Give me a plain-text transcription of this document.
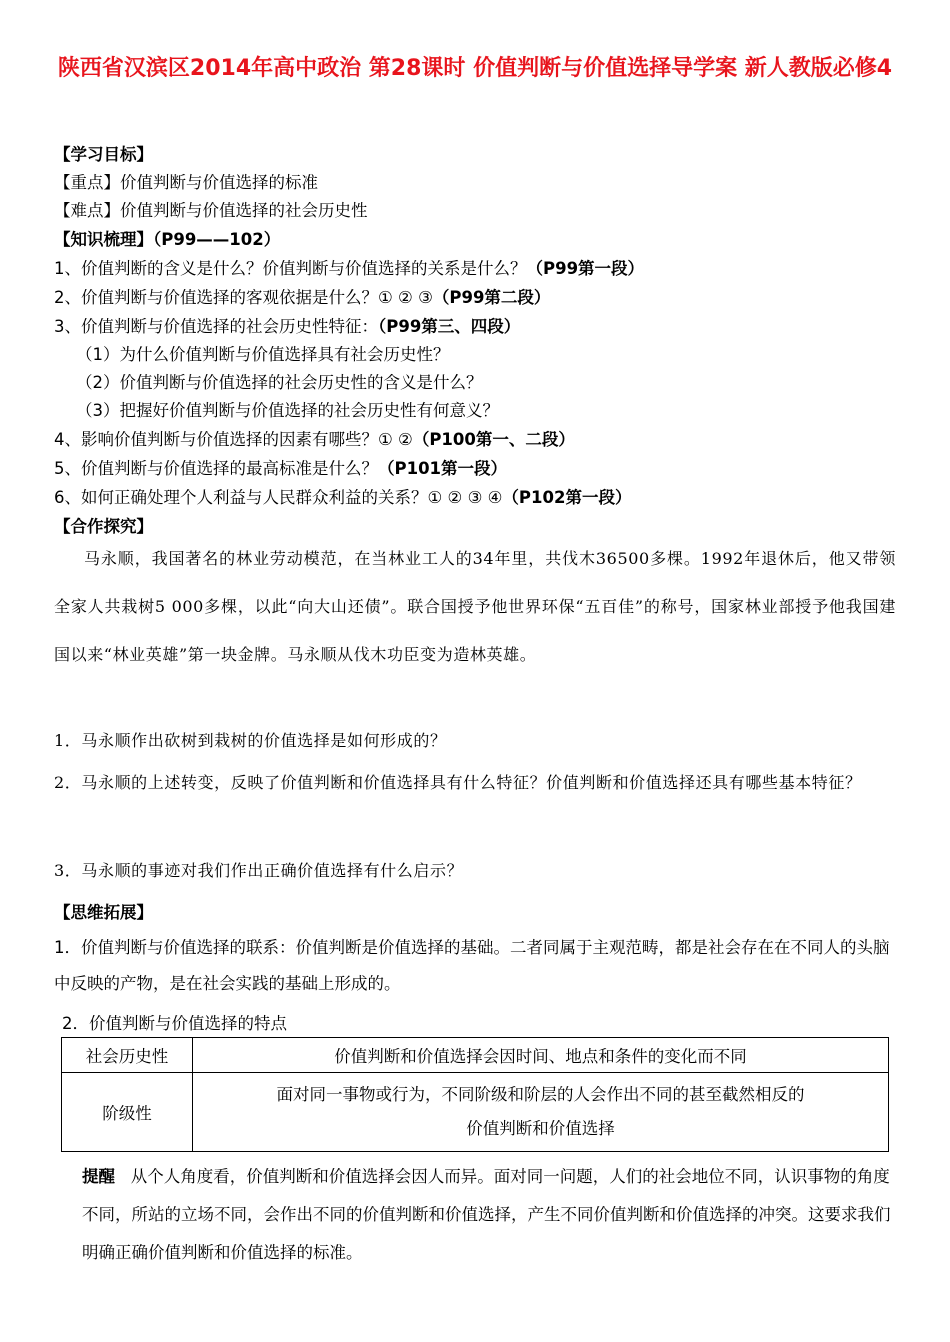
陕西省汉滨区2014年高中政治 第28课时 价值判断与价值选择导学案 新人教版必修4
【学习目标】
【重点】价值判断与价值选择的标准
【难点】价值判断与价值选择的社会历史性
【知识梳理】（P99——102）
1、价值判断的含义是什么？价值判断与价值选择的关系是什么？（P99第一段）
2、价值判断与价值选择的客观依据是什么？① ② ③（P99第二段）
3、价值判断与价值选择的社会历史性特征：（P99第三、四段）
（1）为什么价值判断与价值选择具有社会历史性？
（2）价值判断与价值选择的社会历史性的含义是什么？
（3）把握好价值判断与价值选择的社会历史性有何意义？
4、影响价值判断与价值选择的因素有哪些？① ②（P100第一、二段）
5、价值判断与价值选择的最高标准是什么？（P101第一段）
6、如何正确处理个人利益与人民群众利益的关系？① ② ③ ④（P102第一段）
【合作探究】
马永顺，我国著名的林业劳动模范，在当林业工人的34年里，共伐木36500多棵。1992年退休后，他又带领全家人共栽树5 000多棵，以此“向大山还债”。联合国授予他世界环保“五百佳”的称号，国家林业部授予他我国建国以来“林业英雄”第一块金牌。马永顺从伐木功臣变为造林英雄。
1．马永顺作出砍树到栽树的价值选择是如何形成的？
2．马永顺的上述转变，反映了价值判断和价值选择具有什么特征？价值判断和价值选择还具有哪些基本特征？
3．马永顺的事迹对我们作出正确价值选择有什么启示？
【思维拓展】
1．价值判断与价值选择的联系：价值判断是价值选择的基础。二者同属于主观范畴，都是社会存在在不同人的头脑中反映的产物，是在社会实践的基础上形成的。
2．价值判断与价值选择的特点
社会历史性	价值判断和价值选择会因时间、地点和条件的变化而不同
阶级性	面对同一事物或行为，不同阶级和阶层的人会作出不同的甚至截然相反的价值判断和价值选择
提醒 从个人角度看，价值判断和价值选择会因人而异。面对同一问题，人们的社会地位不同，认识事物的角度不同，所站的立场不同，会作出不同的价值判断和价值选择，产生不同价值判断和价值选择的冲突。这要求我们明确正确价值判断和价值选择的标准。
